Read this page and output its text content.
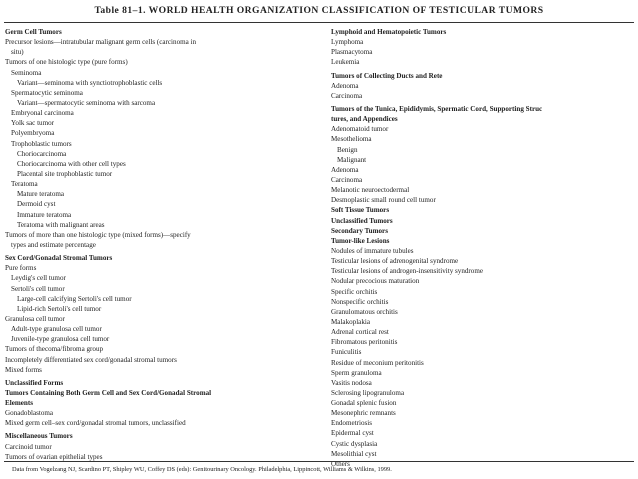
Table 81–1. WORLD HEALTH ORGANIZATION CLASSIFICATION OF TESTICULAR TUMORS
Germ Cell Tumors
Precursor lesions—intratubular malignant germ cells (carcinoma in
situ)
Tumors of one histologic type (pure forms)
Seminoma
Variant—seminoma with synctiotrophoblastic cells
Spermatocytic seminoma
Variant—spermatocytic seminoma with sarcoma
Embryonal carcinoma
Yolk sac tumor
Polyembryoma
Trophoblastic tumors
Choriocarcinoma
Choriocarcinoma with other cell types
Placental site trophoblastic tumor
Teratoma
Mature teratoma
Dermoid cyst
Immature teratoma
Teratoma with malignant areas
Tumors of more than one histologic type (mixed forms)—specify
types and estimate percentage
Sex Cord/Gonadal Stromal Tumors
Pure forms
Leydig's cell tumor
Sertoli's cell tumor
Large-cell calcifying Sertoli's cell tumor
Lipid-rich Sertoli's cell tumor
Granulosa cell tumor
Adult-type granulosa cell tumor
Juvenile-type granulosa cell tumor
Tumors of thecoma/fibroma group
Incompletely differentiated sex cord/gonadal stromal tumors
Mixed forms
Unclassified Forms
Tumors Containing Both Germ Cell and Sex Cord/Gonadal Stromal
Elements
Gonadoblastoma
Mixed germ cell–sex cord/gonadal stromal tumors, unclassified
Miscellaneous Tumors
Carcinoid tumor
Tumors of ovarian epithelial types
Lymphoid and Hematopoietic Tumors
Lymphoma
Plasmacytoma
Leukemia
Tumors of Collecting Ducts and Rete
Adenoma
Carcinoma
Tumors of the Tunica, Epididymis, Spermatic Cord, Supporting Struc
tures, and Appendices
Adenomatoid tumor
Mesothelioma
Benign
Malignant
Adenoma
Carcinoma
Melanotic neuroectodermal
Desmoplastic small round cell tumor
Soft Tissue Tumors
Unclassified Tumors
Secondary Tumors
Tumor-like Lesions
Nodules of immature tubules
Testicular lesions of adrenogenital syndrome
Testicular lesions of androgen-insensitivity syndrome
Nodular precocious maturation
Specific orchitis
Nonspecific orchitis
Granulomatous orchitis
Malakoplakia
Adrenal cortical rest
Fibromatous peritonitis
Funiculitis
Residue of meconium peritonitis
Sperm granuloma
Vasitis nodosa
Sclerosing lipogranuloma
Gonadal splenic fusion
Mesonephric remnants
Endometriosis
Epidermal cyst
Cystic dysplasia
Mesolithial cyst
Others
Data from Vogelzang NJ, Scardino PT, Shipley WU, Coffey DS (eds): Genitourinary Oncology. Philadelphia, Lippincott, Williams & Wilkins, 1999.
